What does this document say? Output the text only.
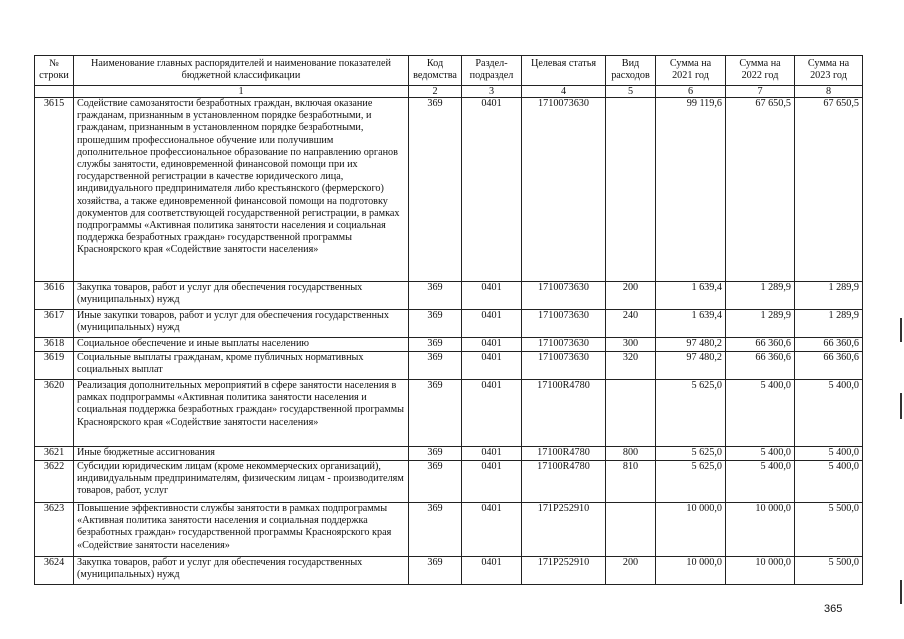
№ строки	Наименование главных распорядителей и наименование показателей бюджетной классификации	Код ведомства	Раздел-подраздел	Целевая статья	Вид расходов	Сумма на 2021 год	Сумма на 2022 год	Сумма на 2023 год
	1	2	3	4	5	6	7	8
3615	Содействие самозанятости безработных граждан, включая оказание гражданам, признанным в установленном порядке безработными, и гражданам, признанным в установленном порядке безработными, прошедшим профессиональное обучение или получившим дополнительное профессиональное образование по направлению органов службы занятости, единовременной финансовой помощи при их государственной регистрации в качестве юридического лица, индивидуального предпринимателя либо крестьянского (фермерского) хозяйства, а также единовременной финансовой помощи на подготовку документов для соответствующей государственной регистрации, в рамках подпрограммы «Активная политика занятости населения и социальная поддержка безработных граждан» государственной программы Красноярского края «Содействие занятости населения»	369	0401	1710073630		99 119,6	67 650,5	67 650,5
3616	Закупка товаров, работ и услуг для обеспечения государственных (муниципальных) нужд	369	0401	1710073630	200	1 639,4	1 289,9	1 289,9
3617	Иные закупки товаров, работ и услуг для обеспечения государственных (муниципальных) нужд	369	0401	1710073630	240	1 639,4	1 289,9	1 289,9
3618	Социальное обеспечение и иные выплаты населению	369	0401	1710073630	300	97 480,2	66 360,6	66 360,6
3619	Социальные выплаты гражданам, кроме публичных нормативных социальных выплат	369	0401	1710073630	320	97 480,2	66 360,6	66 360,6
3620	Реализация дополнительных мероприятий в сфере занятости населения в рамках подпрограммы «Активная политика занятости населения и социальная поддержка безработных граждан» государственной программы Красноярского края «Содействие занятости населения»	369	0401	17100R4780		5 625,0	5 400,0	5 400,0
3621	Иные бюджетные ассигнования	369	0401	17100R4780	800	5 625,0	5 400,0	5 400,0
3622	Субсидии юридическим лицам (кроме некоммерческих организаций), индивидуальным предпринимателям, физическим лицам - производителям товаров, работ, услуг	369	0401	17100R4780	810	5 625,0	5 400,0	5 400,0
3623	Повышение эффективности службы занятости в рамках подпрограммы «Активная политика занятости населения и социальная поддержка безработных граждан» государственной программы Красноярского края «Содействие занятости населения»	369	0401	171P252910		10 000,0	10 000,0	5 500,0
3624	Закупка товаров, работ и услуг для обеспечения государственных (муниципальных) нужд	369	0401	171P252910	200	10 000,0	10 000,0	5 500,0
365
